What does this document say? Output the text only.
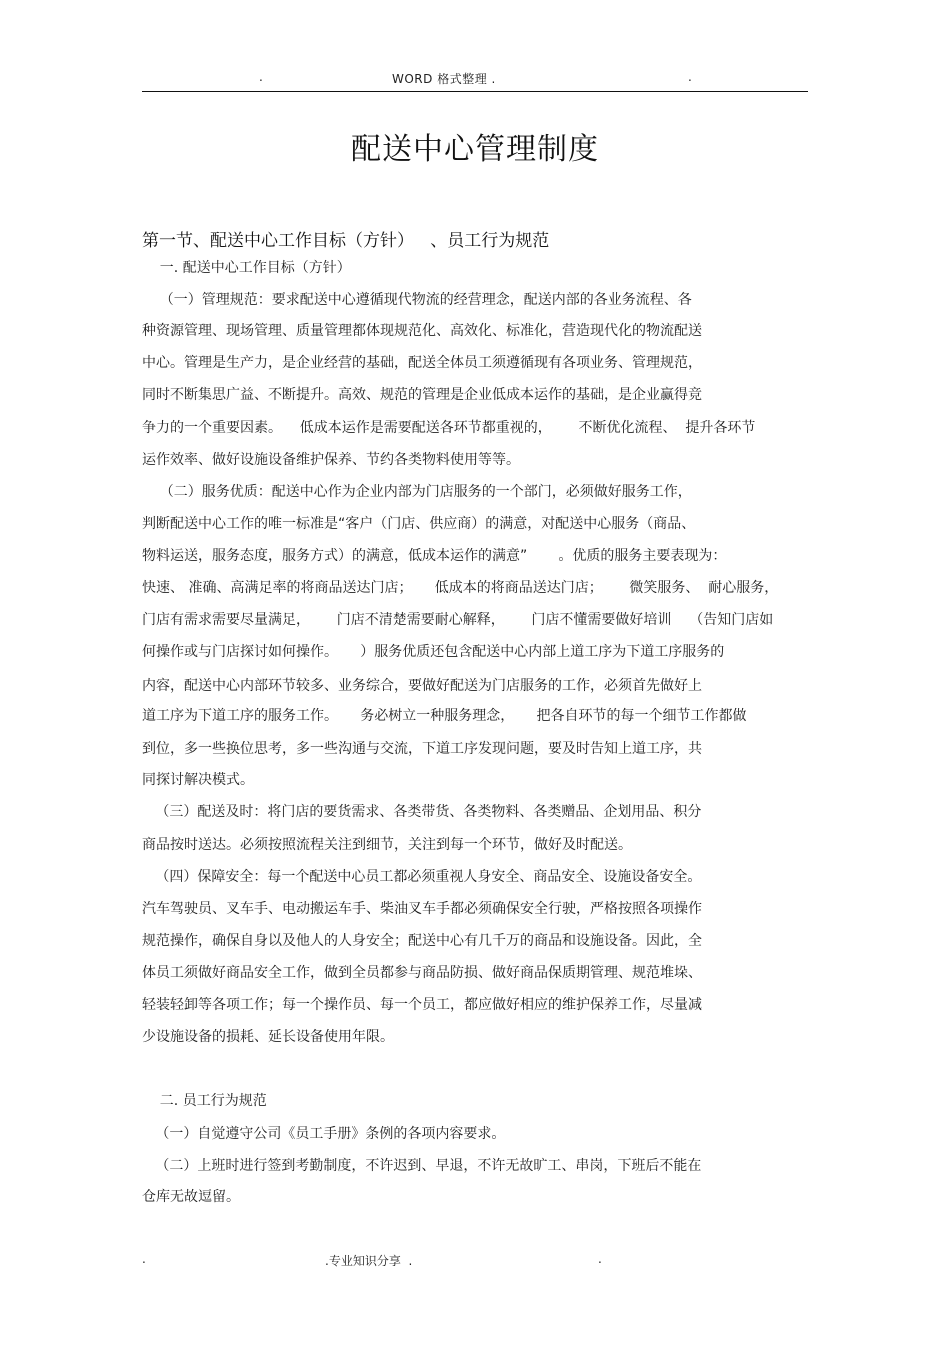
.	WORD 格式整理 .	.
配送中心管理制度
第一节、配送中心工作目标（方针）   、员工行为规范
一. 配送中心工作目标（方针）
（一）管理规范：要求配送中心遵循现代物流的经营理念，配送内部的各业务流程、各
种资源管理、现场管理、质量管理都体现规范化、高效化、标准化，营造现代化的物流配送
中心。管理是生产力，是企业经营的基础，配送全体员工须遵循现有各项业务、管理规范，
同时不断集思广益、不断提升。高效、规范的管理是企业低成本运作的基础，是企业赢得竞
争力的一个重要因素。    低成本运作是需要配送各环节都重视的，      不断优化流程、  提升各环节
运作效率、做好设施设备维护保养、节约各类物料使用等等。
（二）服务优质：配送中心作为企业内部为门店服务的一个部门，必须做好服务工作，
判断配送中心工作的唯一标准是“客户（门店、供应商）的满意，对配送中心服务（商品、
物料运送，服务态度，服务方式）的满意，低成本运作的满意”       。优质的服务主要表现为：
快速、 准确、高满足率的将商品送达门店；     低成本的将商品送达门店；      微笑服务、  耐心服务，
门店有需求需要尽量满足，      门店不清楚需要耐心解释，      门店不懂需要做好培训    （告知门店如
何操作或与门店探讨如何操作。     ）服务优质还包含配送中心内部上道工序为下道工序服务的
内容，配送中心内部环节较多、业务综合，要做好配送为门店服务的工作，必须首先做好上
道工序为下道工序的服务工作。     务必树立一种服务理念，     把各自环节的每一个细节工作都做
到位，多一些换位思考，多一些沟通与交流，下道工序发现问题，要及时告知上道工序，共
同探讨解决模式。
（三）配送及时：将门店的要货需求、各类带货、各类物料、各类赠品、企划用品、积分
商品按时送达。必须按照流程关注到细节，关注到每一个环节，做好及时配送。
（四）保障安全：每一个配送中心员工都必须重视人身安全、商品安全、设施设备安全。
汽车驾驶员、叉车手、电动搬运车手、柴油叉车手都必须确保安全行驶，严格按照各项操作
规范操作，确保自身以及他人的人身安全；配送中心有几千万的商品和设施设备。因此，全
体员工须做好商品安全工作，做到全员都参与商品防损、做好商品保质期管理、规范堆垛、
轻装轻卸等各项工作；每一个操作员、每一个员工，都应做好相应的维护保养工作，尽量减
少设施设备的损耗、延长设备使用年限。
二. 员工行为规范
（一）自觉遵守公司《员工手册》条例的各项内容要求。
（二）上班时进行签到考勤制度，不许迟到、早退，不许无故旷工、串岗，下班后不能在
仓库无故逗留。
.	.专业知识分享  .	.
